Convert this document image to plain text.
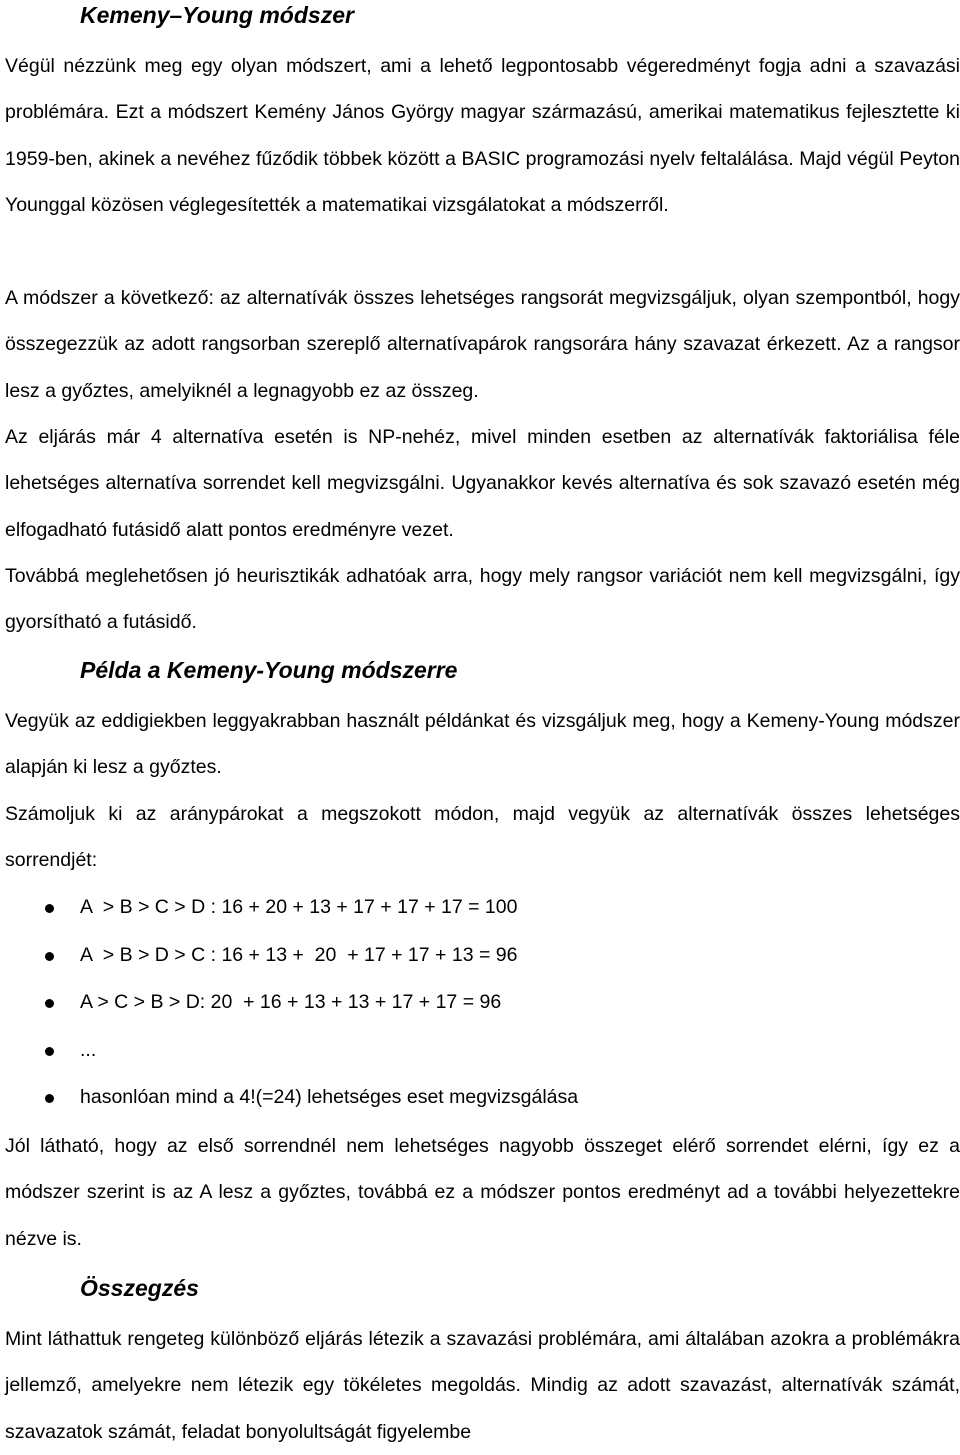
Kemeny–Young módszer

Végül nézzünk meg egy olyan módszert, ami a lehető legpontosabb végeredményt fogja adni a szavazási problémára. Ezt a módszert Kemény János György magyar származású, amerikai matematikus fejlesztette ki 1959-ben, akinek a nevéhez fűződik többek között a BASIC programozási nyelv feltalálása. Majd végül Peyton Younggal közösen véglegesítették a matematikai vizsgálatokat a módszerről.

A módszer a következő: az alternatívák összes lehetséges rangsorát megvizsgáljuk, olyan szempontból, hogy összegezzük az adott rangsorban szereplő alternatívapárok rangsorára hány szavazat érkezett. Az a rangsor lesz a győztes, amelyiknél a legnagyobb ez az összeg.

Az eljárás már 4 alternatíva esetén is NP-nehéz, mivel minden esetben az alternatívák faktoriálisa féle lehetséges alternatíva sorrendet kell megvizsgálni. Ugyanakkor kevés alternatíva és sok szavazó esetén még elfogadható futásidő alatt pontos eredményre vezet.

Továbbá meglehetősen jó heurisztikák adhatóak arra, hogy mely rangsor variációt nem kell megvizsgálni, így gyorsítható a futásidő.

Példa a Kemeny-Young módszerre

Vegyük az eddigiekben leggyakrabban használt példánkat és vizsgáljuk meg, hogy a Kemeny-Young módszer alapján ki lesz a győztes.

Számoljuk ki az aránypárokat a megszokott módon, majd vegyük az alternatívák összes lehetséges sorrendjét:

A  > B > C > D : 16 + 20 + 13 + 17 + 17 + 17 = 100
A  > B > D > C : 16 + 13 +  20  + 17 + 17 + 13 = 96
A > C > B > D: 20  + 16 + 13 + 13 + 17 + 17 = 96
...
hasonlóan mind a 4!(=24) lehetséges eset megvizsgálása

Jól látható, hogy az első sorrendnél nem lehetséges nagyobb összeget elérő sorrendet elérni, így ez a módszer szerint is az A lesz a győztes, továbbá ez a módszer pontos eredményt ad a további helyezettekre nézve is.

Összegzés

Mint láthattuk rengeteg különböző eljárás létezik a szavazási problémára, ami általában azokra a problémákra jellemző, amelyekre nem létezik egy tökéletes megoldás. Mindig az adott szavazást, alternatívák számát, szavazatok számát, feladat bonyolultságát figyelembe
